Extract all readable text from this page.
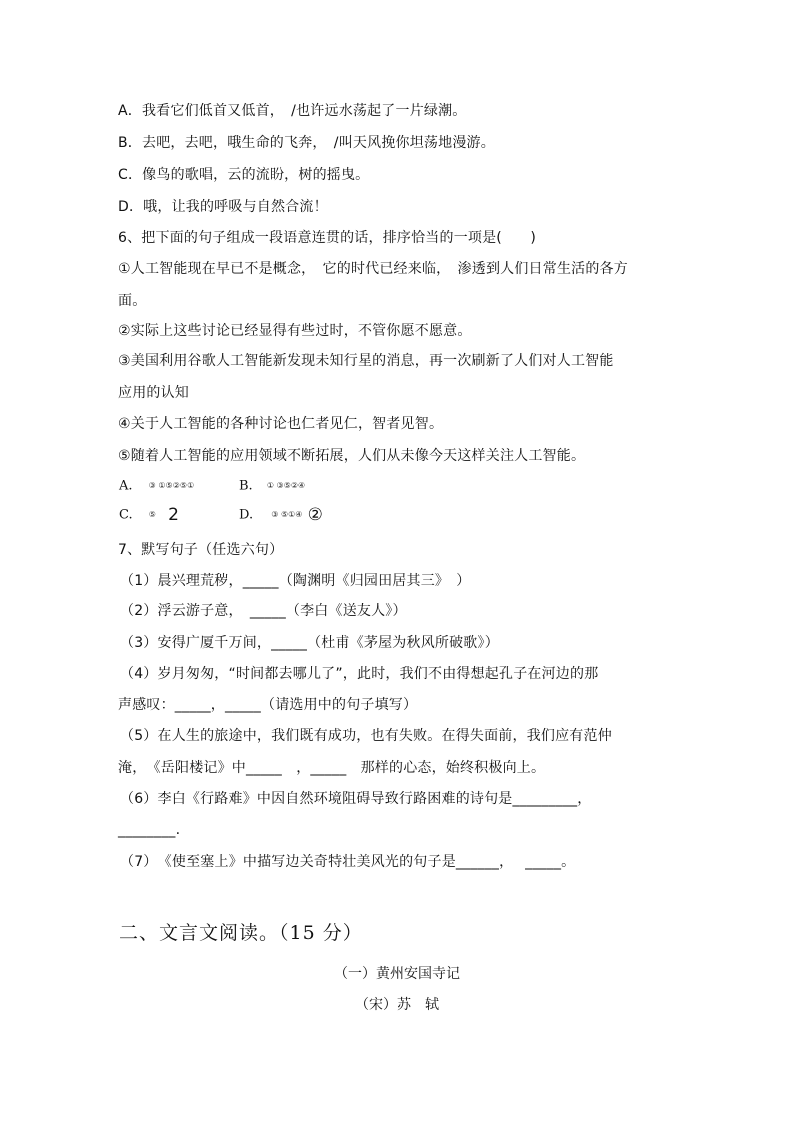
A．我看它们低首又低首，　/也许远水荡起了一片绿潮。
B．去吧，去吧，哦生命的飞奔，　/叫天风挽你坦荡地漫游。
C．像鸟的歌唱，云的流盼，树的摇曳。
D．哦，让我的呼吸与自然合流！
6、把下面的句子组成一段语意连贯的话，排序恰当的一项是(　　)
①人工智能现在早已不是概念，　它的时代已经来临，　渗透到人们日常生活的各方
面。
②实际上这些讨论已经显得有些过时，不管你愿不愿意。
③美国利用谷歌人工智能新发现未知行星的消息，再一次刷新了人们对人工智能
应用的认知
④关于人工智能的各种讨论也仁者见仁，智者见智。
⑤随着人工智能的应用领域不断拓展，人们从未像今天这样关注人工智能。
A. ③ ①⑤②⑤①	B. ① ③⑤②④
C. ⑤ 2	D. ③ ⑤①④ ②
7、默写句子（任选六句）
（1）晨兴理荒秽，_____（陶渊明《归园田居其三》　）
（2）浮云游子意，　_____（李白《送友人》）
（3）安得广厦千万间，_____（杜甫《茅屋为秋风所破歌》）
（4）岁月匆匆，“时间都去哪儿了”，此时，我们不由得想起孔子在河边的那
声感叹：_____，_____（请选用中的句子填写）
（5）在人生的旅途中，我们既有成功，也有失败。在得失面前，我们应有范仲
淹，　《岳阳楼记》中_____　，_____　那样的心态，始终积极向上。
（6）李白《行路难》中因自然环境阻碍导致行路困难的诗句是_________，
________.
（7）　《使至塞上》中描写边关奇特壮美风光的句子是______，　 _____。
二、文言文阅读。（15 分）
（一）黄州安国寺记
（宋）苏　轼
